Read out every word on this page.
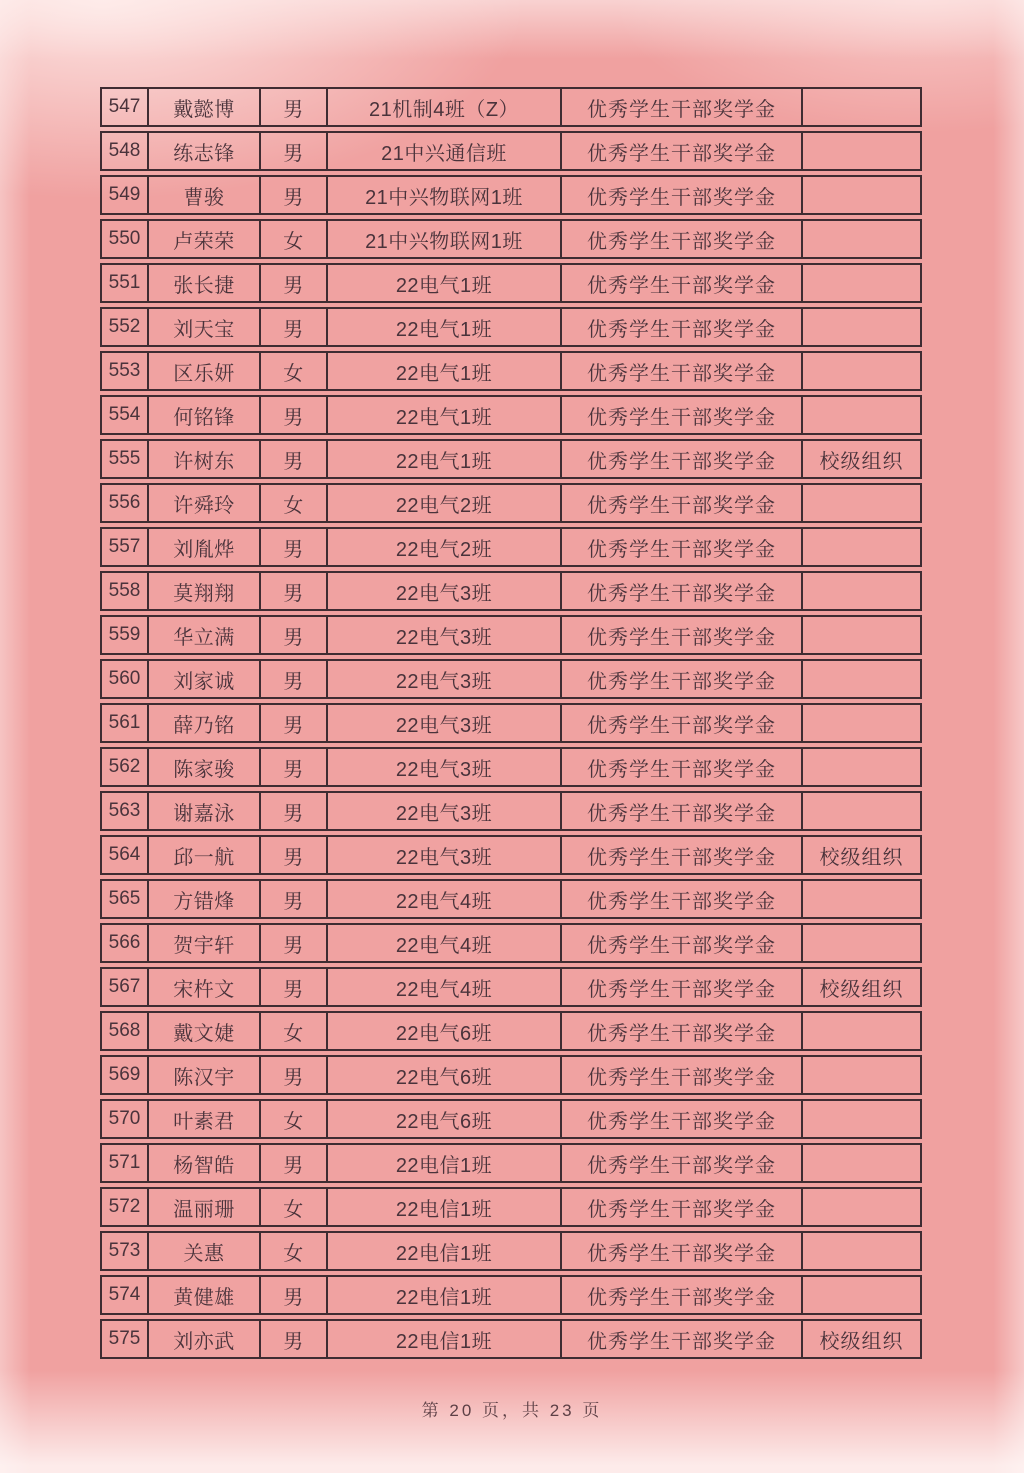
547	戴懿博	男	21机制4班（Z）	优秀学生干部奖学金
548	练志锋	男	21中兴通信班	优秀学生干部奖学金
549	曹骏	男	21中兴物联网1班	优秀学生干部奖学金
550	卢荣荣	女	21中兴物联网1班	优秀学生干部奖学金
551	张长捷	男	22电气1班	优秀学生干部奖学金
552	刘天宝	男	22电气1班	优秀学生干部奖学金
553	区乐妍	女	22电气1班	优秀学生干部奖学金
554	何铭锋	男	22电气1班	优秀学生干部奖学金
555	许树东	男	22电气1班	优秀学生干部奖学金	校级组织
556	许舜玲	女	22电气2班	优秀学生干部奖学金
557	刘胤烨	男	22电气2班	优秀学生干部奖学金
558	莫翔翔	男	22电气3班	优秀学生干部奖学金
559	华立满	男	22电气3班	优秀学生干部奖学金
560	刘家诚	男	22电气3班	优秀学生干部奖学金
561	薛乃铭	男	22电气3班	优秀学生干部奖学金
562	陈家骏	男	22电气3班	优秀学生干部奖学金
563	谢嘉泳	男	22电气3班	优秀学生干部奖学金
564	邱一航	男	22电气3班	优秀学生干部奖学金	校级组织
565	方错烽	男	22电气4班	优秀学生干部奖学金
566	贺宇轩	男	22电气4班	优秀学生干部奖学金
567	宋杵文	男	22电气4班	优秀学生干部奖学金	校级组织
568	戴文婕	女	22电气6班	优秀学生干部奖学金
569	陈汉宇	男	22电气6班	优秀学生干部奖学金
570	叶素君	女	22电气6班	优秀学生干部奖学金
571	杨智皓	男	22电信1班	优秀学生干部奖学金
572	温丽珊	女	22电信1班	优秀学生干部奖学金
573	关惠	女	22电信1班	优秀学生干部奖学金
574	黄健雄	男	22电信1班	优秀学生干部奖学金
575	刘亦武	男	22电信1班	优秀学生干部奖学金	校级组织
第 20 页，共 23 页
